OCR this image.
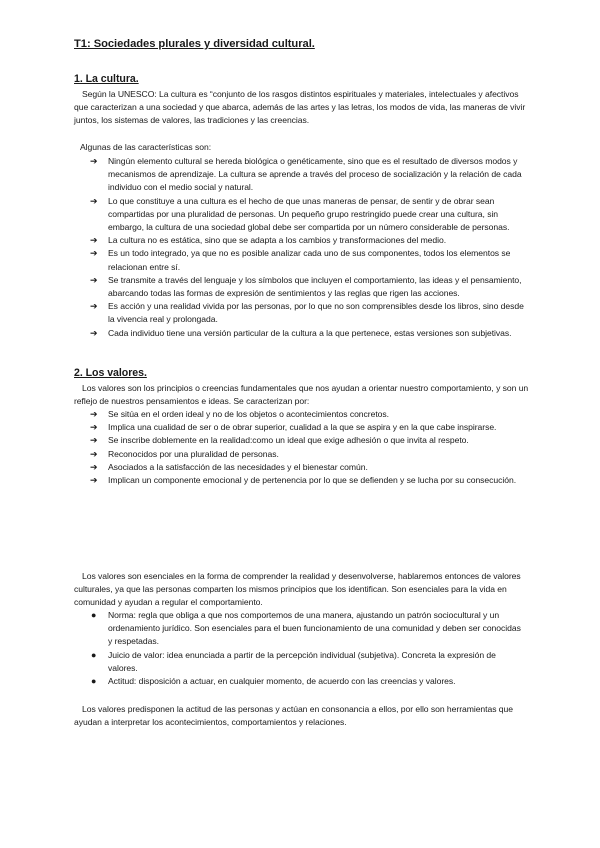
T1: Sociedades plurales y diversidad cultural.
1. La cultura.
Según la UNESCO: La cultura es “conjunto de los rasgos distintos espirituales y materiales, intelectuales y afectivos que caracterizan a una sociedad y que abarca, además de las artes y las letras, los modos de vida, las maneras de vivir juntos, los sistemas de valores, las tradiciones y las creencias.
Algunas de las características son:
➔ Ningún elemento cultural se hereda biológica o genéticamente, sino que es el resultado de diversos modos y mecanismos de aprendizaje. La cultura se aprende a través del proceso de socialización y la relación de cada individuo con el medio social y natural.
➔ Lo que constituye a una cultura es el hecho de que unas maneras de pensar, de sentir y de obrar sean compartidas por una pluralidad de personas. Un pequeño grupo restringido puede crear una cultura, sin embargo, la cultura de una sociedad global debe ser compartida por un número considerable de personas.
➔ La cultura no es estática, sino que se adapta a los cambios y transformaciones del medio.
➔ Es un todo integrado, ya que no es posible analizar cada uno de sus componentes, todos los elementos se relacionan entre sí.
➔ Se transmite a través del lenguaje y los símbolos que incluyen el comportamiento, las ideas y el pensamiento, abarcando todas las formas de expresión de sentimientos y las reglas que rigen las acciones.
➔ Es acción y una realidad vivida por las personas, por lo que no son comprensibles desde los libros, sino desde la vivencia real y prolongada.
➔ Cada individuo tiene una versión particular de la cultura a la que pertenece, estas versiones son subjetivas.
2. Los valores.
Los valores son los principios o creencias fundamentales que nos ayudan a orientar nuestro comportamiento, y son un reflejo de nuestros pensamientos e ideas. Se caracterizan por:
➔ Se sitúa en el orden ideal y no de los objetos o acontecimientos concretos.
➔ Implica una cualidad de ser o de obrar superior, cualidad a la que se aspira y en la que cabe inspirarse.
➔ Se inscribe doblemente en la realidad:como un ideal que exige adhesión o que invita al respeto.
➔ Reconocidos por una pluralidad de personas.
➔ Asociados a la satisfacción de las necesidades y el bienestar común.
➔ Implican un componente emocional y de pertenencia por lo que se defienden y se lucha por su consecución.
Los valores son esenciales en la forma de comprender la realidad y desenvolverse, hablaremos entonces de valores culturales, ya que las personas comparten los mismos principios que los identifican. Son esenciales para la vida en comunidad y ayudan a regular el comportamiento.
● Norma: regla que obliga a que nos comportemos de una manera, ajustando un patrón sociocultural y un ordenamiento jurídico. Son esenciales para el buen funcionamiento de una comunidad y deben ser conocidas y respetadas.
● Juicio de valor: idea enunciada a partir de la percepción individual (subjetiva). Concreta la expresión de valores.
● Actitud: disposición a actuar, en cualquier momento, de acuerdo con las creencias y valores.
Los valores predisponen la actitud de las personas y actúan en consonancia a ellos, por ello son herramientas que ayudan a interpretar los acontecimientos, comportamientos y relaciones.
